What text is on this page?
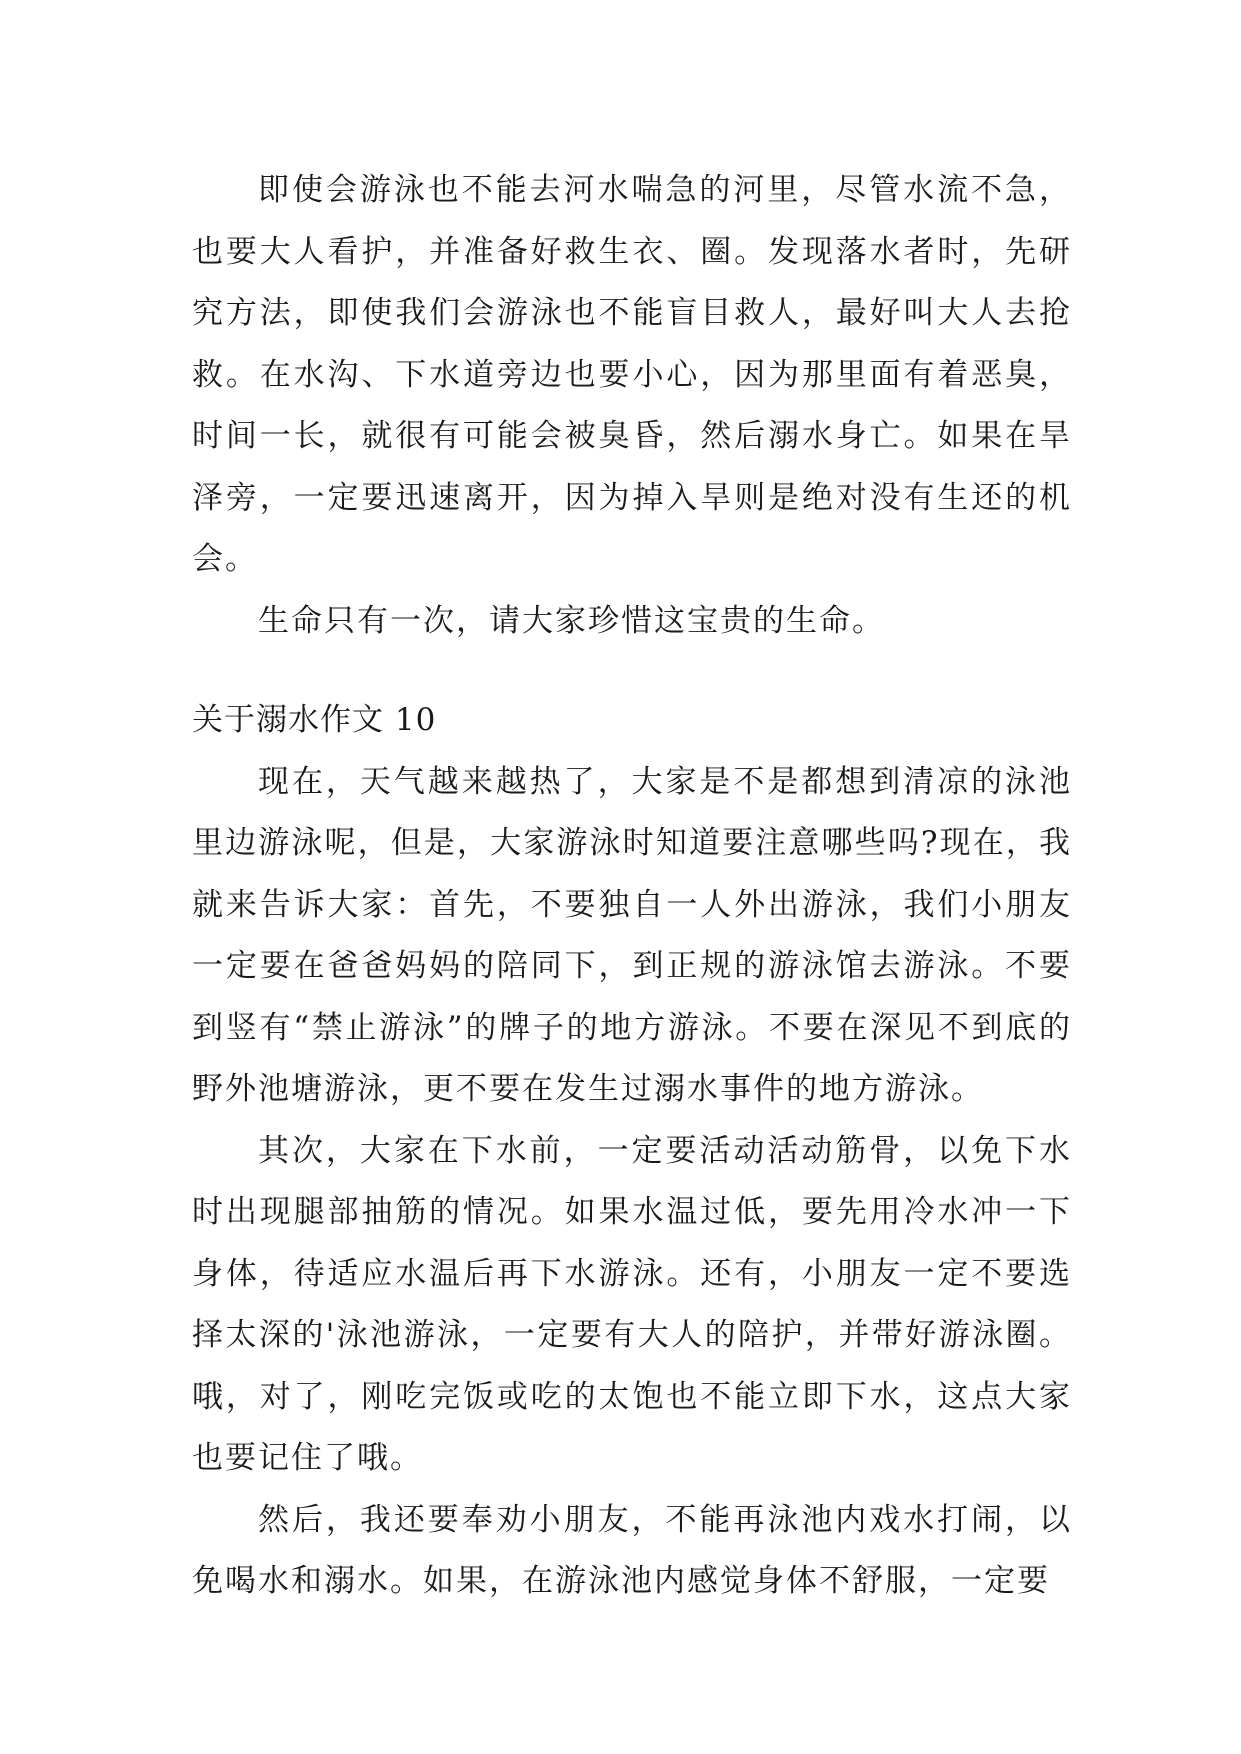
即使会游泳也不能去河水喘急的河里，尽管水流不急，也要大人看护，并准备好救生衣、圈。发现落水者时，先研究方法，即使我们会游泳也不能盲目救人，最好叫大人去抢救。在水沟、下水道旁边也要小心，因为那里面有着恶臭，时间一长，就很有可能会被臭昏，然后溺水身亡。如果在旱泽旁，一定要迅速离开，因为掉入旱则是绝对没有生还的机会。

生命只有一次，请大家珍惜这宝贵的生命。

关于溺水作文 10

现在，天气越来越热了，大家是不是都想到清凉的泳池里边游泳呢，但是，大家游泳时知道要注意哪些吗?现在，我就来告诉大家：首先，不要独自一人外出游泳，我们小朋友一定要在爸爸妈妈的陪同下，到正规的游泳馆去游泳。不要到竖有“禁止游泳”的牌子的地方游泳。不要在深见不到底的野外池塘游泳，更不要在发生过溺水事件的地方游泳。

其次，大家在下水前，一定要活动活动筋骨，以免下水时出现腿部抽筋的情况。如果水温过低，要先用冷水冲一下身体，待适应水温后再下水游泳。还有，小朋友一定不要选择太深的'泳池游泳，一定要有大人的陪护，并带好游泳圈。哦，对了，刚吃完饭或吃的太饱也不能立即下水，这点大家也要记住了哦。

然后，我还要奉劝小朋友，不能再泳池内戏水打闹，以免喝水和溺水。如果，在游泳池内感觉身体不舒服，一定要
